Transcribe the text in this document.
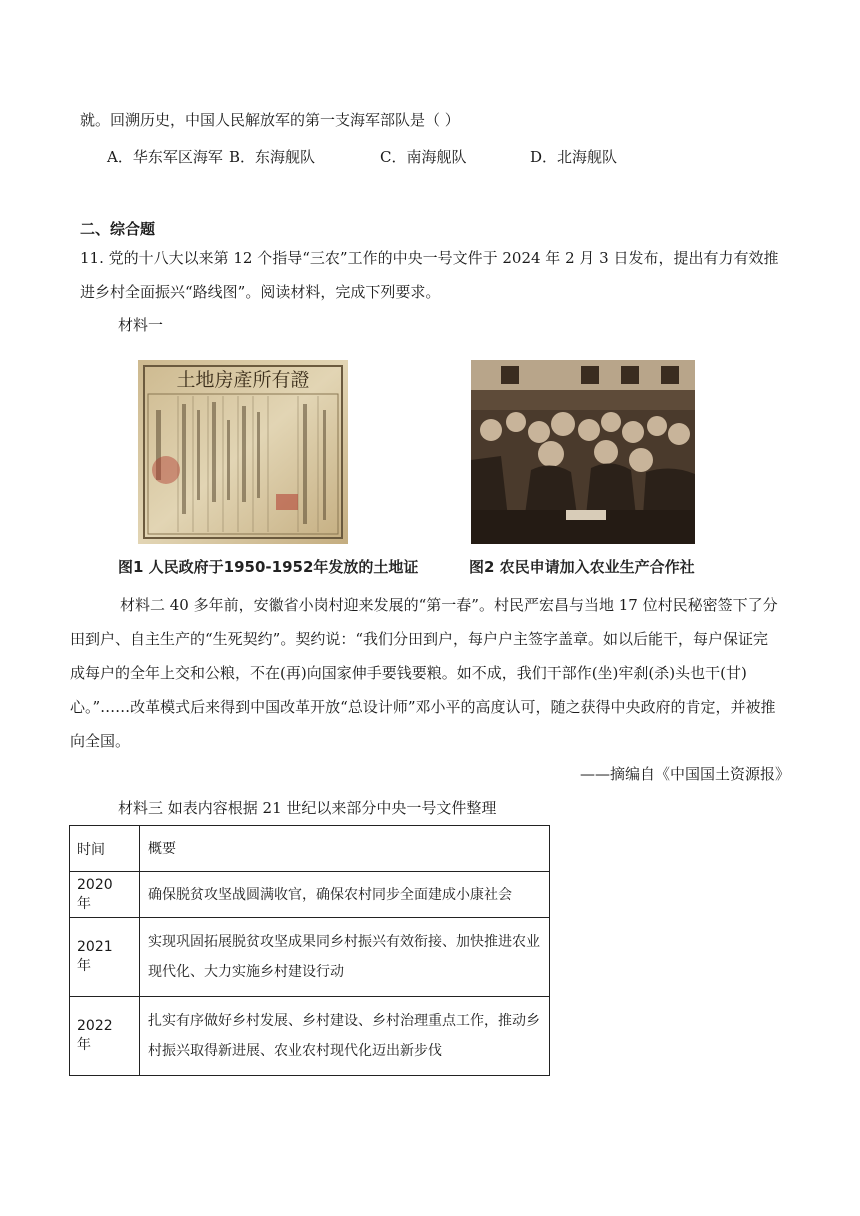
就。回溯历史，中国人民解放军的第一支海军部队是（ ）
A．华东军区海军 B．东海舰队	C．南海舰队	D．北海舰队
二、综合题
11. 党的十八大以来第 12 个指导“三农”工作的中央一号文件于 2024 年 2 月 3 日发布，提出有力有效推进乡村全面振兴“路线图”。阅读材料，完成下列要求。
材料一
土地房產所有證
图1 人民政府于1950-1952年发放的土地证	图2 农民申请加入农业生产合作社
材料二 40 多年前，安徽省小岗村迎来发展的“第一春”。村民严宏昌与当地 17 位村民秘密签下了分田到户、自主生产的“生死契约”。契约说：“我们分田到户，每户户主签字盖章。如以后能干，每户保证完成每户的全年上交和公粮，不在(再)向国家伸手要钱要粮。如不成，我们干部作(坐)牢刹(杀)头也干(甘)心。”……改革模式后来得到中国改革开放“总设计师”邓小平的高度认可，随之获得中央政府的肯定，并被推向全国。
——摘编自《中国国土资源报》
材料三 如表内容根据 21 世纪以来部分中央一号文件整理
时间	概要
2020 年	确保脱贫攻坚战圆满收官，确保农村同步全面建成小康社会
2021 年	实现巩固拓展脱贫攻坚成果同乡村振兴有效衔接、加快推进农业现代化、大力实施乡村建设行动
2022 年	扎实有序做好乡村发展、乡村建设、乡村治理重点工作，推动乡村振兴取得新进展、农业农村现代化迈出新步伐
